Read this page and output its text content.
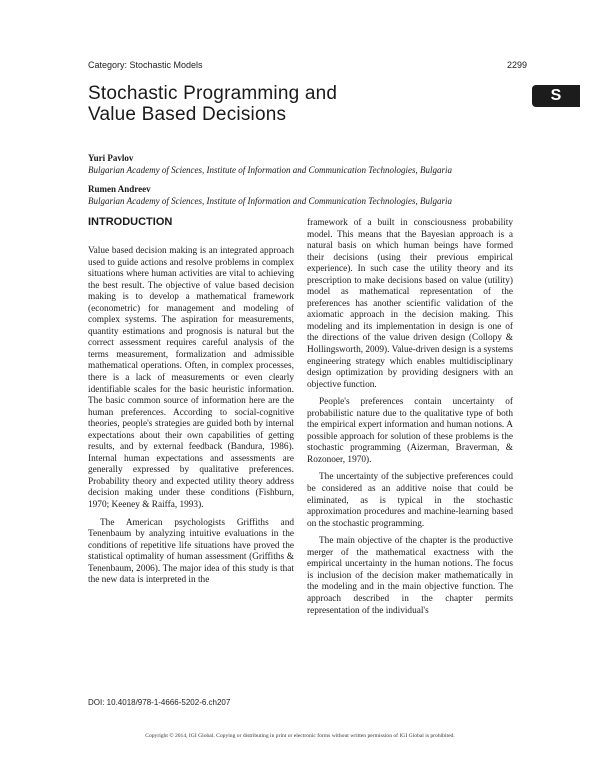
Category: Stochastic Models	2299
S
Stochastic Programming and
Value Based Decisions
Yuri Pavlov
Bulgarian Academy of Sciences, Institute of Information and Communication Technologies, Bulgaria
Rumen Andreev
Bulgarian Academy of Sciences, Institute of Information and Communication Technologies, Bulgaria
INTRODUCTION

Value based decision making is an integrated approach used to guide actions and resolve problems in complex situations where human activities are vital to achieving the best result. The objective of value based decision making is to develop a mathematical framework (econometric) for management and modeling of complex systems. The aspiration for measurements, quantity estimations and prognosis is natural but the correct assessment requires careful analysis of the terms measurement, formalization and admissible mathematical operations. Often, in complex processes, there is a lack of measurements or even clearly identifiable scales for the basic heuristic information. The basic common source of information here are the human preferences. According to social-cognitive theories, people's strategies are guided both by internal expectations about their own capabilities of getting results, and by external feedback (Bandura, 1986). Internal human expectations and assessments are generally expressed by qualitative preferences. Probability theory and expected utility theory address decision making under these conditions (Fishburn, 1970; Keeney & Raiffa, 1993).

The American psychologists Griffiths and Tenenbaum by analyzing intuitive evaluations in the conditions of repetitive life situations have proved the statistical optimality of human assessment (Griffiths & Tenenbaum, 2006). The major idea of this study is that the new data is interpreted in the

framework of a built in consciousness probability model. This means that the Bayesian approach is a natural basis on which human beings have formed their decisions (using their previous empirical experience). In such case the utility theory and its prescription to make decisions based on value (utility) model as mathematical representation of the preferences has another scientific validation of the axiomatic approach in the decision making. This modeling and its implementation in design is one of the directions of the value driven design (Collopy & Hollingsworth, 2009). Value-driven design is a systems engineering strategy which enables multidisciplinary design optimization by providing designers with an objective function.

People's preferences contain uncertainty of probabilistic nature due to the qualitative type of both the empirical expert information and human notions. A possible approach for solution of these problems is the stochastic programming (Aizerman, Braverman, & Rozonoer, 1970).

The uncertainty of the subjective preferences could be considered as an additive noise that could be eliminated, as is typical in the stochastic approximation procedures and machine-learning based on the stochastic programming.

The main objective of the chapter is the productive merger of the mathematical exactness with the empirical uncertainty in the human notions. The focus is inclusion of the decision maker mathematically in the modeling and in the main objective function. The approach described in the chapter permits representation of the individual's

DOI: 10.4018/978-1-4666-5202-6.ch207
Copyright © 2014, IGI Global. Copying or distributing in print or electronic forms without written permission of IGI Global is prohibited.
